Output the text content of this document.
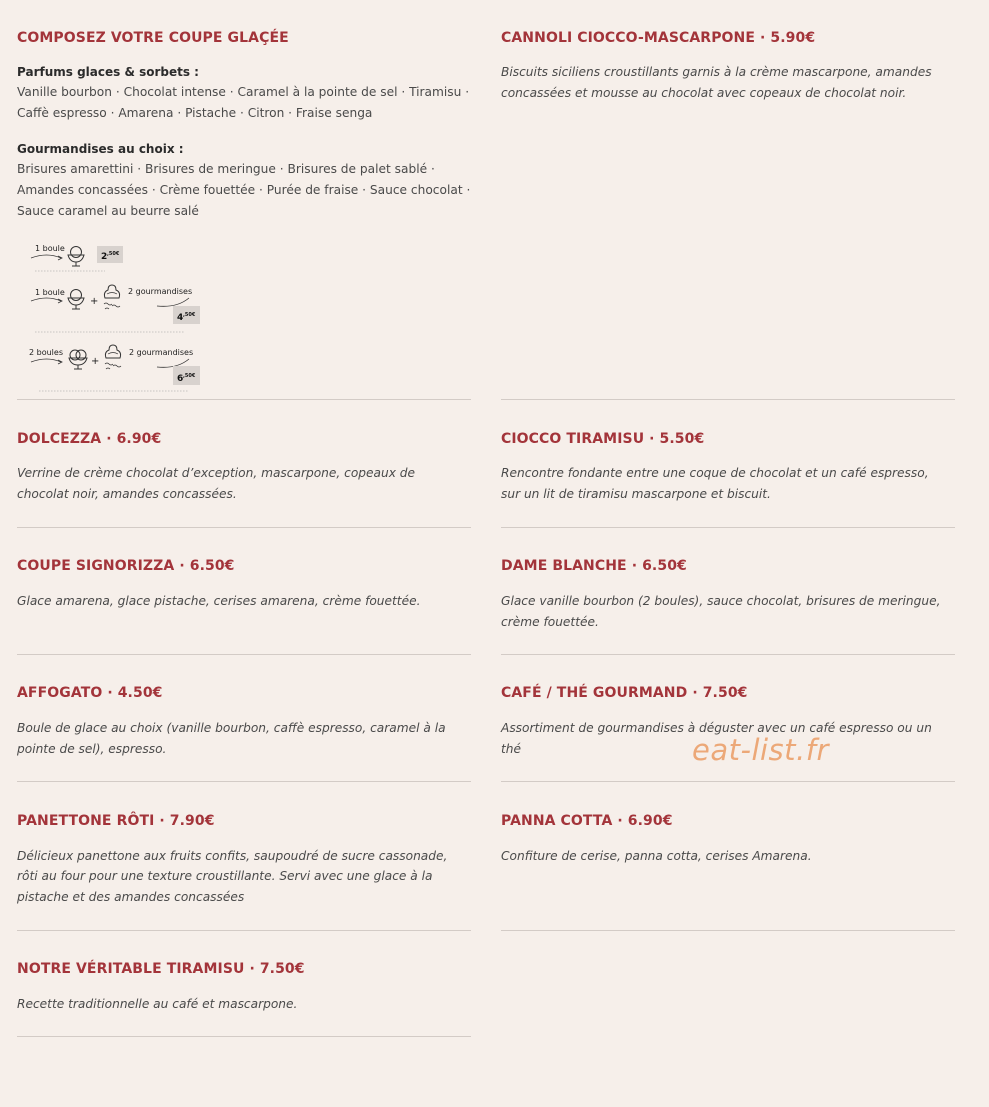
COMPOSEZ VOTRE COUPE GLAÇÉE
Parfums glaces & sorbets :
Vanille bourbon · Chocolat intense · Caramel à la pointe de sel · Tiramisu ·
Caffè espresso · Amarena · Pistache · Citron · Fraise senga
Gourmandises au choix :
Brisures amarettini · Brisures de meringue · Brisures de palet sablé ·
Amandes concassées · Crème fouettée · Purée de fraise · Sauce chocolat ·
Sauce caramel au beurre salé
1 boule
2 ,50€
1 boule
+
2 gourmandises
4 ,50€
2 boules
+
2 gourmandises
6 ,50€
CANNOLI CIOCCO-MASCARPONE · 5.90€
Biscuits siciliens croustillants garnis à la crème mascarpone, amandes
concassées et mousse au chocolat avec copeaux de chocolat noir.
DOLCEZZA · 6.90€
Verrine de crème chocolat d’exception, mascarpone, copeaux de
chocolat noir, amandes concassées.
CIOCCO TIRAMISU · 5.50€
Rencontre fondante entre une coque de chocolat et un café espresso,
sur un lit de tiramisu mascarpone et biscuit.
COUPE SIGNORIZZA · 6.50€
Glace amarena, glace pistache, cerises amarena, crème fouettée.
DAME BLANCHE · 6.50€
Glace vanille bourbon (2 boules), sauce chocolat, brisures de meringue,
crème fouettée.
AFFOGATO · 4.50€
Boule de glace au choix (vanille bourbon, caffè espresso, caramel à la
pointe de sel), espresso.
CAFÉ / THÉ GOURMAND · 7.50€
Assortiment de gourmandises à déguster avec un café espresso ou un
thé	eat-list.fr
PANETTONE RÔTI · 7.90€
Délicieux panettone aux fruits confits, saupoudré de sucre cassonade,
rôti au four pour une texture croustillante. Servi avec une glace à la
pistache et des amandes concassées
PANNA COTTA · 6.90€
Confiture de cerise, panna cotta, cerises Amarena.
NOTRE VÉRITABLE TIRAMISU · 7.50€
Recette traditionnelle au café et mascarpone.
